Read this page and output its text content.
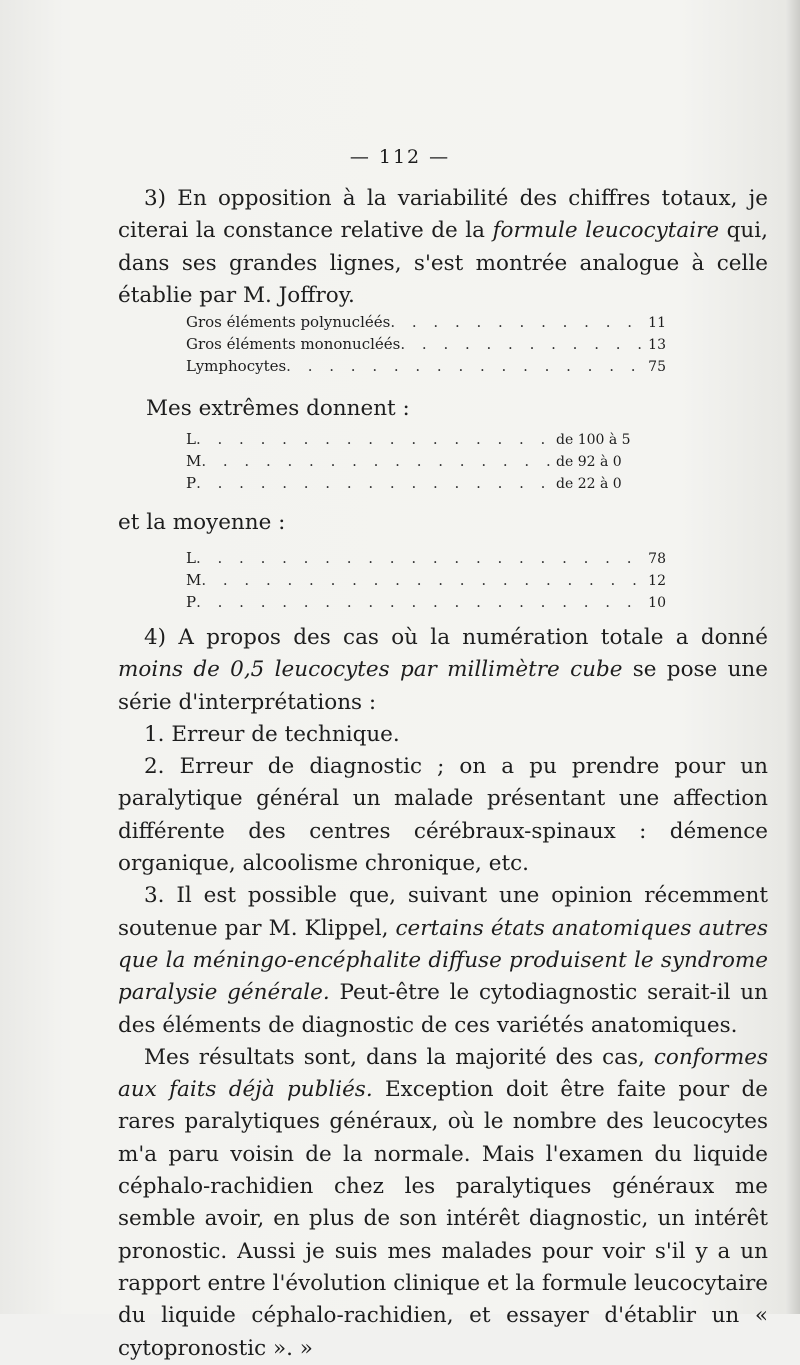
— 112 —

3) En opposition à la variabilité des chiffres totaux, je citerai la constance relative de la formule leucocytaire qui, dans ses grandes lignes, s'est montrée analogue à celle établie par M. Joffroy.

Gros éléments polynucléés . . .	11
Gros éléments mononucléés . . .	13
Lymphocytes . . .	75
Mes extrêmes donnent :
L . . .	de 100 à 5
M . . .	de 92 à 0
P . . .	de 22 à 0
et la moyenne :
L . . .	78
M . . .	12
P . . .	10

4) A propos des cas où la numération totale a donné moins de 0,5 leucocytes par millimètre cube se pose une série d'interprétations :

1. Erreur de technique.

2. Erreur de diagnostic ; on a pu prendre pour un paralytique général un malade présentant une affection différente des centres cérébraux-spinaux : démence organique, alcoolisme chronique, etc.

3. Il est possible que, suivant une opinion récemment soutenue par M. Klippel, certains états anatomiques autres que la méningo-encéphalite diffuse produisent le syndrome paralysie générale. Peut-être le cytodiagnostic serait-il un des éléments de diagnostic de ces variétés anatomiques.

Mes résultats sont, dans la majorité des cas, conformes aux faits déjà publiés. Exception doit être faite pour de rares paralytiques généraux, où le nombre des leucocytes m'a paru voisin de la normale. Mais l'examen du liquide céphalo-rachidien chez les paralytiques généraux me semble avoir, en plus de son intérêt diagnostic, un intérêt pronostic. Aussi je suis mes malades pour voir s'il y a un rapport entre l'évolution clinique et la formule leucocytaire du liquide céphalo-rachidien, et essayer d'établir un « cytopronostic ». »
